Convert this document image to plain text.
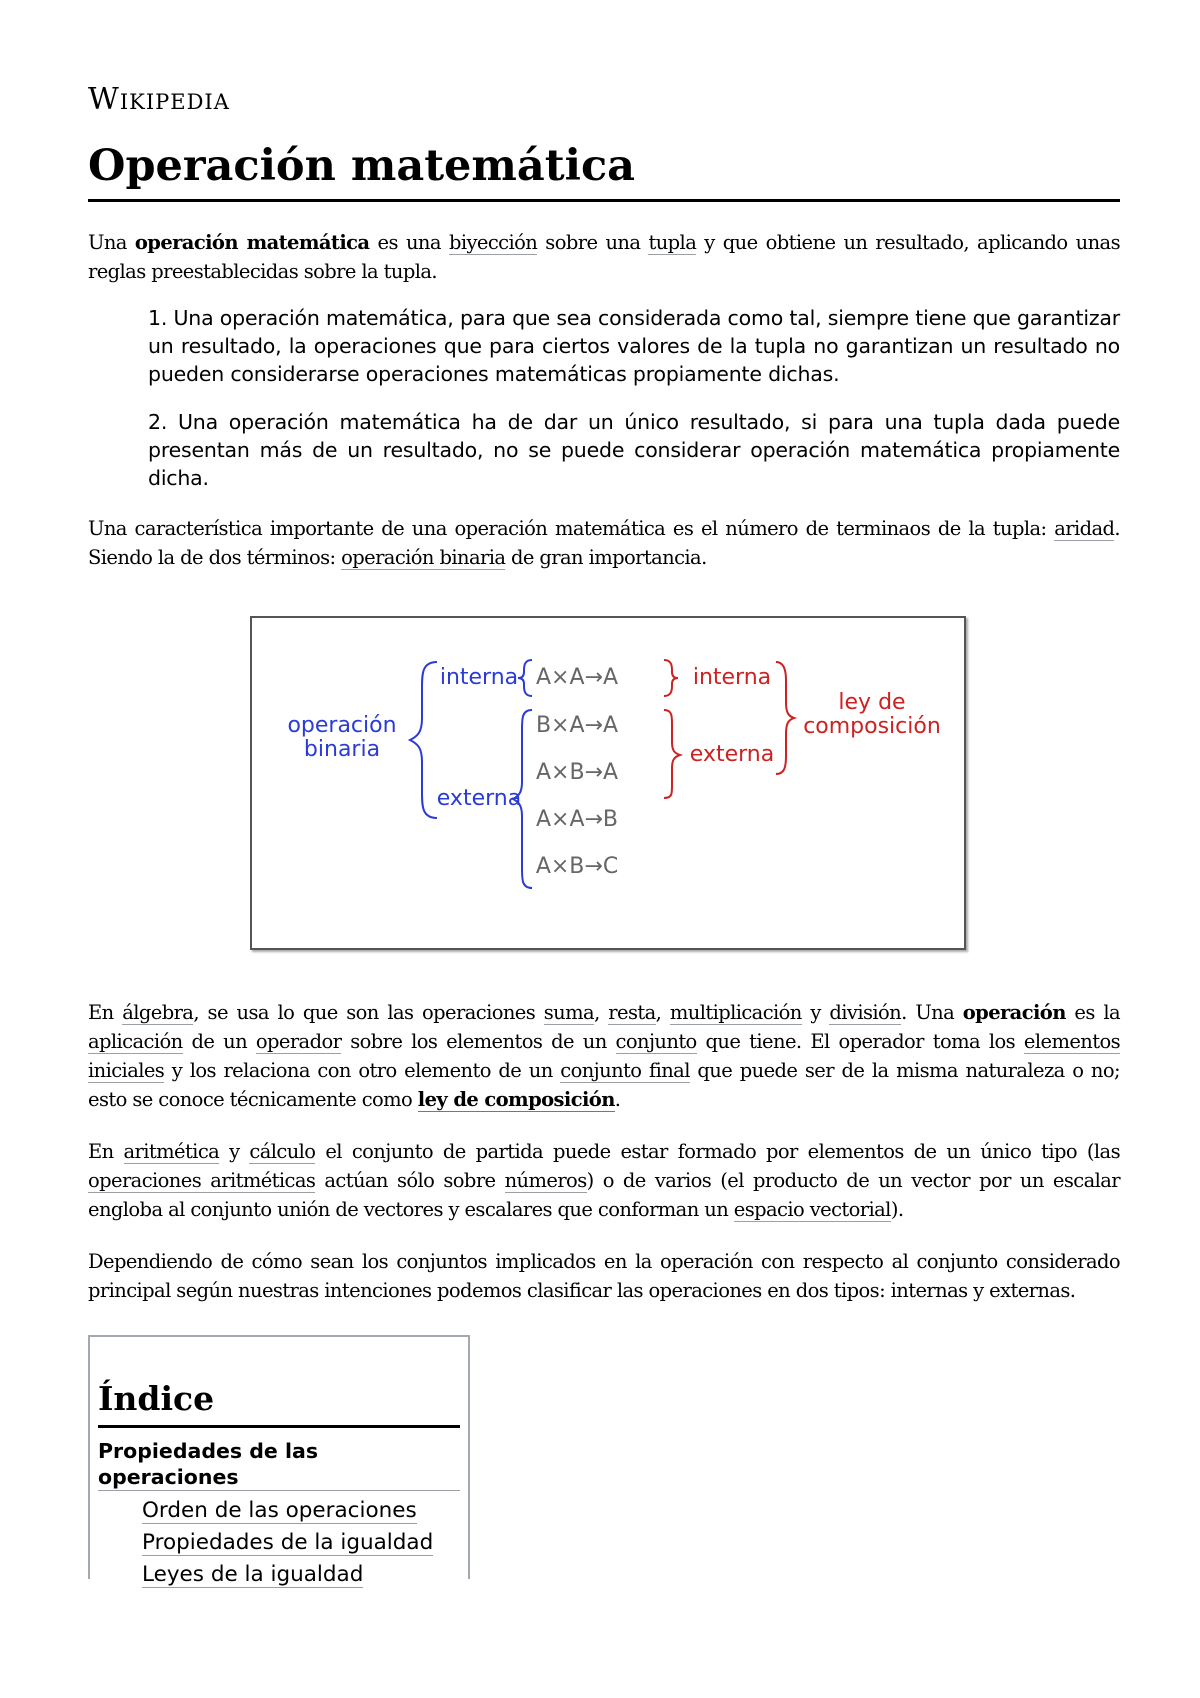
Wikipedia
Operación matemática

Una operación matemática es una biyección sobre una tupla y que obtiene un resultado, aplicando unas reglas preestablecidas sobre la tupla.

1. Una operación matemática, para que sea considerada como tal, siempre tiene que garantizar un resultado, la operaciones que para ciertos valores de la tupla no garantizan un resultado no pueden considerarse operaciones matemáticas propiamente dichas.
2. Una operación matemática ha de dar un único resultado, si para una tupla dada puede presentan más de un resultado, no se puede considerar operación matemática propiamente dicha.

Una característica importante de una operación matemática es el número de terminaos de la tupla: aridad. Siendo la de dos términos: operación binaria de gran importancia.

operación
binaria
interna
externa
A×A→A
B×A→A
A×B→A
A×A→B
A×B→C
interna
externa
ley de
composición

En álgebra, se usa lo que son las operaciones suma, resta, multiplicación y división. Una operación es la aplicación de un operador sobre los elementos de un conjunto que tiene. El operador toma los elementos iniciales y los relaciona con otro elemento de un conjunto final que puede ser de la misma naturaleza o no; esto se conoce técnicamente como ley de composición.

En aritmética y cálculo el conjunto de partida puede estar formado por elementos de un único tipo (las operaciones aritméticas actúan sólo sobre números) o de varios (el producto de un vector por un escalar engloba al conjunto unión de vectores y escalares que conforman un espacio vectorial).

Dependiendo de cómo sean los conjuntos implicados en la operación con respecto al conjunto considerado principal según nuestras intenciones podemos clasificar las operaciones en dos tipos: internas y externas.

Índice
Propiedades de las operaciones
Orden de las operaciones
Propiedades de la igualdad
Leyes de la igualdad
